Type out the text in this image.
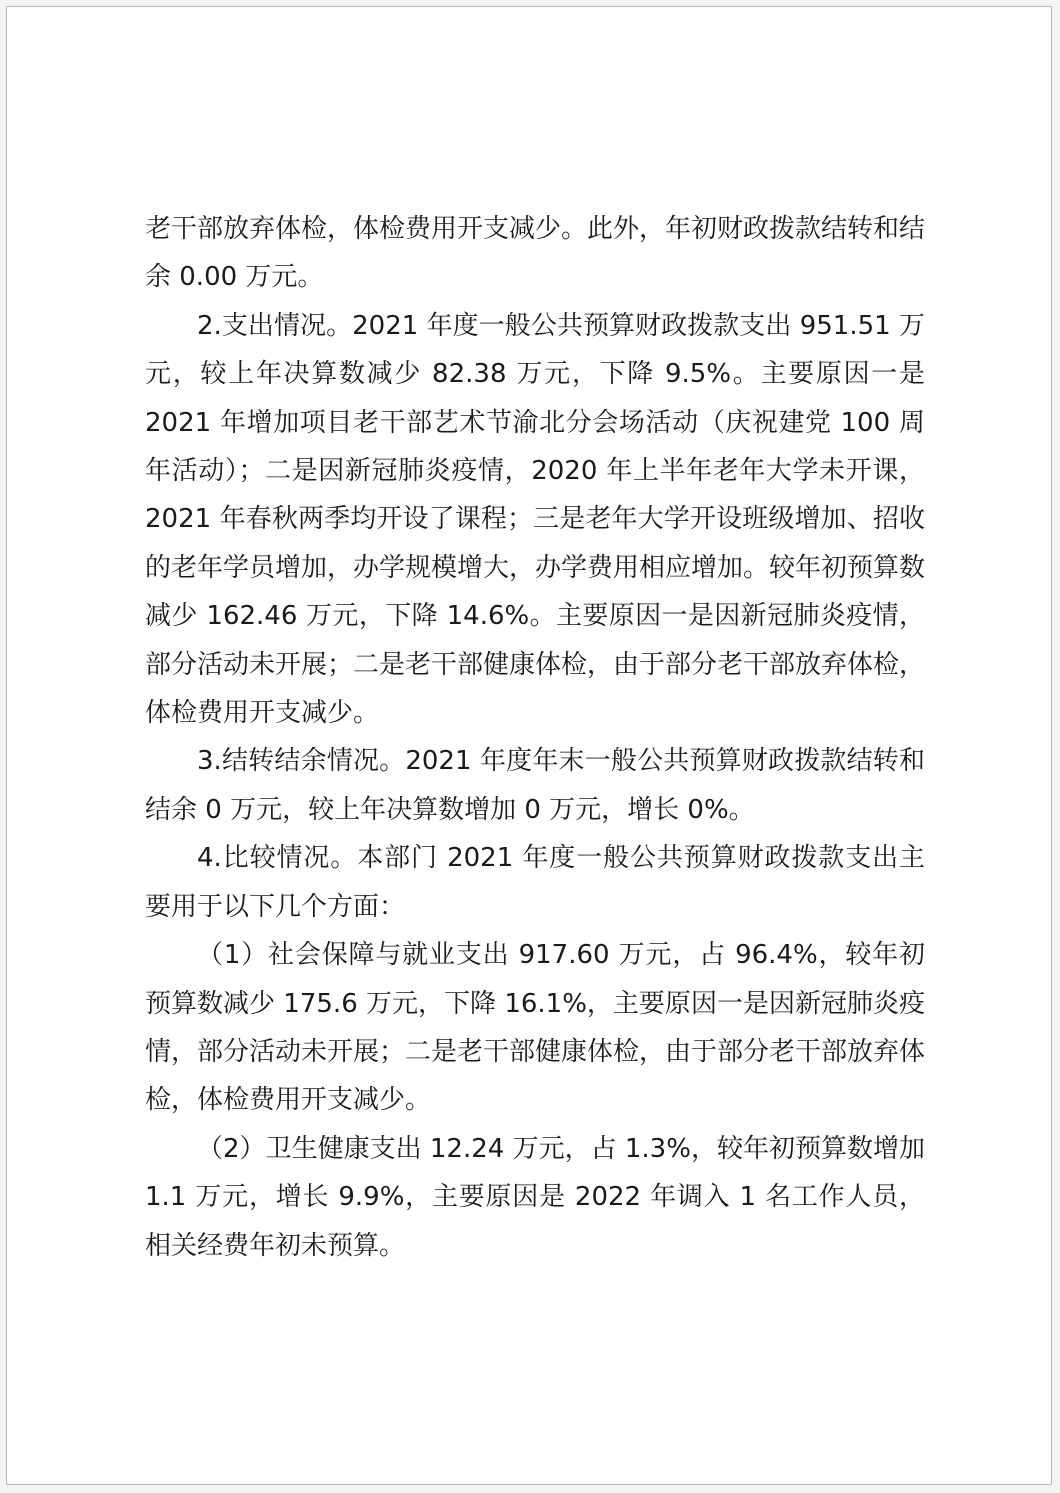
老干部放弃体检，体检费用开支减少。此外，年初财政拨款结转和结余 0.00 万元。

2.支出情况。2021 年度一般公共预算财政拨款支出 951.51 万元，较上年决算数减少 82.38 万元，下降 9.5%。主要原因一是 2021 年增加项目老干部艺术节渝北分会场活动（庆祝建党 100 周年活动）；二是因新冠肺炎疫情，2020 年上半年老年大学未开课，2021 年春秋两季均开设了课程；三是老年大学开设班级增加、招收的老年学员增加，办学规模增大，办学费用相应增加。较年初预算数减少 162.46 万元，下降 14.6%。主要原因一是因新冠肺炎疫情，部分活动未开展；二是老干部健康体检，由于部分老干部放弃体检，体检费用开支减少。

3.结转结余情况。2021 年度年末一般公共预算财政拨款结转和结余 0 万元，较上年决算数增加 0 万元，增长 0%。

4.比较情况。本部门 2021 年度一般公共预算财政拨款支出主要用于以下几个方面：

（1）社会保障与就业支出 917.60 万元，占 96.4%，较年初预算数减少 175.6 万元，下降 16.1%，主要原因一是因新冠肺炎疫情，部分活动未开展；二是老干部健康体检，由于部分老干部放弃体检，体检费用开支减少。

（2）卫生健康支出 12.24 万元，占 1.3%，较年初预算数增加 1.1 万元，增长 9.9%，主要原因是 2022 年调入 1 名工作人员，相关经费年初未预算。
